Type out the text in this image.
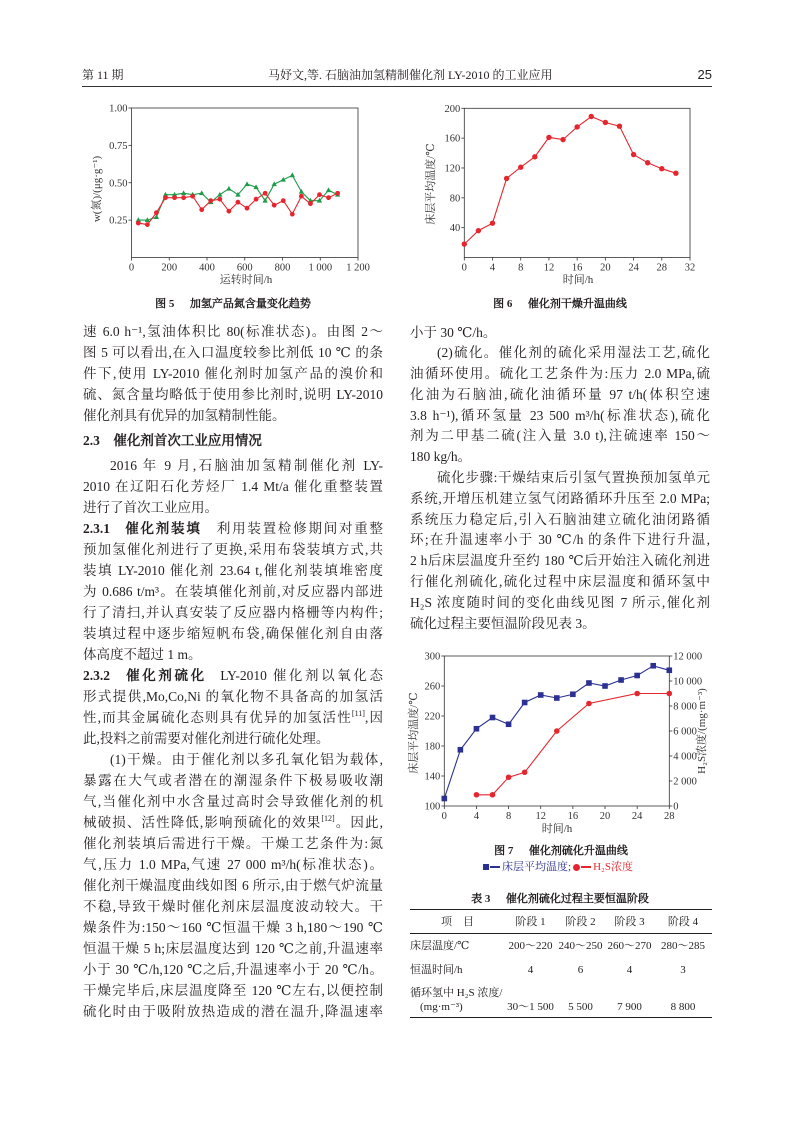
第 11 期	马妤文,等. 石脑油加氢精制催化剂 LY-2010 的工业应用	25
0	200 400 600 800 1 000 1 200
0.25
0.50
0.75
1.00
w(氮)/(μg·g⁻¹)
运转时间/h
图 5 加氢产品氮含量变化趋势
0 4 8 12 16 20 24 28 32
40
80
120
160
200
床层平均温度/℃
时间/h
图 6 催化剂干燥升温曲线
速 6.0 h⁻¹,氢油体积比 80(标准状态)。由图 2～
图 5 可以看出,在入口温度较参比剂低 10 ℃ 的条
件下,使用 LY-2010 催化剂时加氢产品的溴价和
硫、氮含量均略低于使用参比剂时,说明 LY-2010
催化剂具有优异的加氢精制性能。
2.3 催化剂首次工业应用情况
2016 年 9 月,石脑油加氢精制催化剂 LY-
2010 在辽阳石化芳烃厂 1.4 Mt/a 催化重整装置
进行了首次工业应用。
2.3.1 催化剂装填 利用装置检修期间对重整
预加氢催化剂进行了更换,采用布袋装填方式,共
装填 LY-2010 催化剂 23.64 t,催化剂装填堆密度
为 0.686 t/m³。在装填催化剂前,对反应器内部进
行了清扫,并认真安装了反应器内格栅等内构件;
装填过程中逐步缩短帆布袋,确保催化剂自由落
体高度不超过 1 m。
2.3.2 催化剂硫化 LY-2010 催化剂以氧化态
形式提供,Mo,Co,Ni 的氧化物不具备高的加氢活
性,而其金属硫化态则具有优异的加氢活性[11],因
此,投料之前需要对催化剂进行硫化处理。
(1)干燥。由于催化剂以多孔氧化铝为载体,
暴露在大气或者潜在的潮湿条件下极易吸收潮
气,当催化剂中水含量过高时会导致催化剂的机
械破损、活性降低,影响预硫化的效果[12]。因此,
催化剂装填后需进行干燥。干燥工艺条件为:氮
气,压力 1.0 MPa,气速 27 000 m³/h(标准状态)。
催化剂干燥温度曲线如图 6 所示,由于燃气炉流量
不稳,导致干燥时催化剂床层温度波动较大。干
燥条件为:150～160 ℃恒温干燥 3 h,180～190 ℃
恒温干燥 5 h;床层温度达到 120 ℃之前,升温速率
小于 30 ℃/h,120 ℃之后,升温速率小于 20 ℃/h。
干燥完毕后,床层温度降至 120 ℃左右,以便控制
硫化时由于吸附放热造成的潜在温升,降温速率
小于 30 ℃/h。
(2)硫化。催化剂的硫化采用湿法工艺,硫化
油循环使用。硫化工艺条件为:压力 2.0 MPa,硫
化油为石脑油,硫化油循环量 97 t/h(体积空速
3.8 h⁻¹),循环氢量 23 500 m³/h(标准状态),硫化
剂为二甲基二硫(注入量 3.0 t),注硫速率 150～
180 kg/h。
硫化步骤:干燥结束后引氢气置换预加氢单元
系统,开增压机建立氢气闭路循环升压至 2.0 MPa;
系统压力稳定后,引入石脑油建立硫化油闭路循
环;在升温速率小于 30 ℃/h 的条件下进行升温,
2 h后床层温度升至约 180 ℃后开始注入硫化剂进
行催化剂硫化,硫化过程中床层温度和循环氢中
H₂S 浓度随时间的变化曲线见图 7 所示,催化剂
硫化过程主要恒温阶段见表 3。
0	4	8 12 16 20 24 28
100
140
180
220
260
300
0
2 000
4 000
6 000
8 000
10 000
12 000
床层平均温度/℃	H₂S浓度/(mg·m⁻³)
时间/h
图 7 催化剂硫化升温曲线
床层平均温度; H₂S浓度
表 3 催化剂硫化过程主要恒温阶段
项　目	阶段 1	阶段 2	阶段 3	阶段 4
床层温度/℃	200～220	240～250	260～270	280～285
恒温时间/h	4	6	4	3

循环氢中 H₂S 浓度/
(mg·m⁻³)	30～1 500	5 500	7 900	8 800
